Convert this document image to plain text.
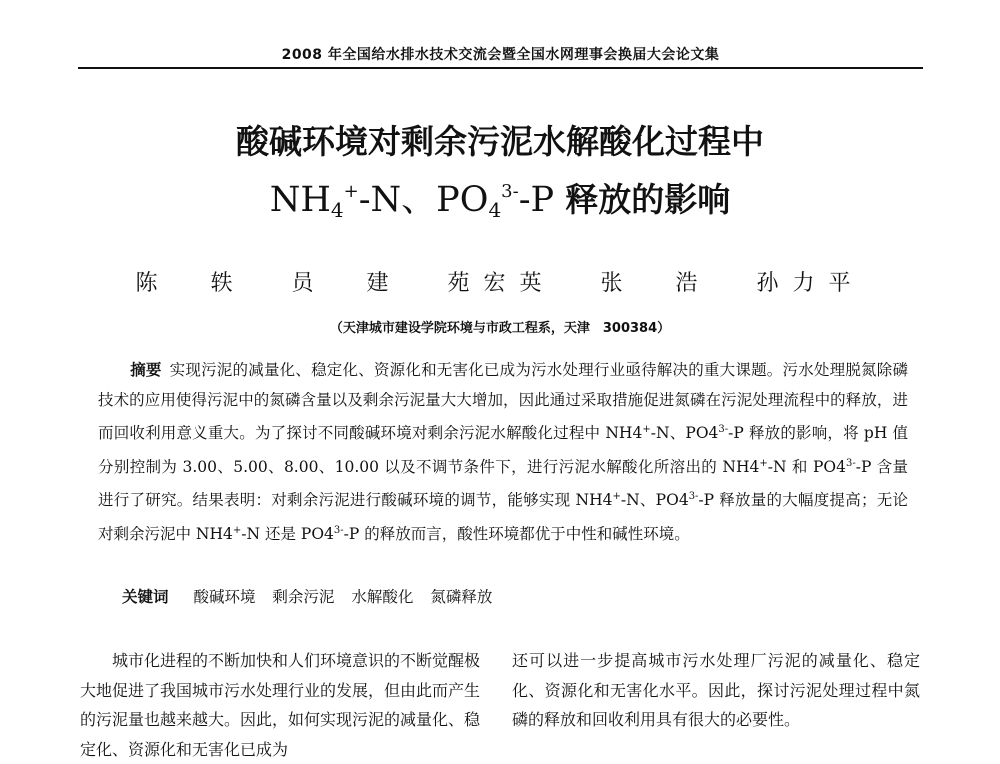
2008 年全国给水排水技术交流会暨全国水网理事会换届大会论文集
酸碱环境对剩余污泥水解酸化过程中
$NH_4^+-N$、$PO_4^{3-}-P$ 释放的影响
陈 轶 员 建 苑宏英 张 浩 孙力平
（天津城市建设学院环境与市政工程系，天津　300384）
摘要 实现污泥的减量化、稳定化、资源化和无害化已成为污水处理行业亟待解决的重大课题。污水处理脱氮除磷技术的应用使得污泥中的氮磷含量以及剩余污泥量大大增加，因此通过采取措施促进氮磷在污泥处理流程中的释放，进而回收利用意义重大。为了探讨不同酸碱环境对剩余污泥水解酸化过程中 NH4+-N、$PO4^{3-}-P$ 释放的影响，将 pH 值分别控制为 3.00、5.00、8.00、10.00 以及不调节条件下，进行污泥水解酸化所溶出的 NH4+-N 和 $PO4^{3-}-P$ 含量进行了研究。结果表明：对剩余污泥进行酸碱环境的调节，能够实现 NH4+-N、$PO4^{3-}-P$ 释放量的大幅度提高；无论对剩余污泥中 NH4+-N 还是 $PO4^{3-}-P$ 的释放而言，酸性环境都优于中性和碱性环境。
关键词 酸碱环境 剩余污泥 水解酸化 氮磷释放
城市化进程的不断加快和人们环境意识的不断觉醒极大地促进了我国城市污水处理行业的发展，但由此而产生的污泥量也越来越大。因此，如何实现污泥的减量化、稳定化、资源化和无害化已成为
还可以进一步提高城市污水处理厂污泥的减量化、稳定化、资源化和无害化水平。因此，探讨污泥处理过程中氮磷的释放和回收利用具有很大的必要性。
